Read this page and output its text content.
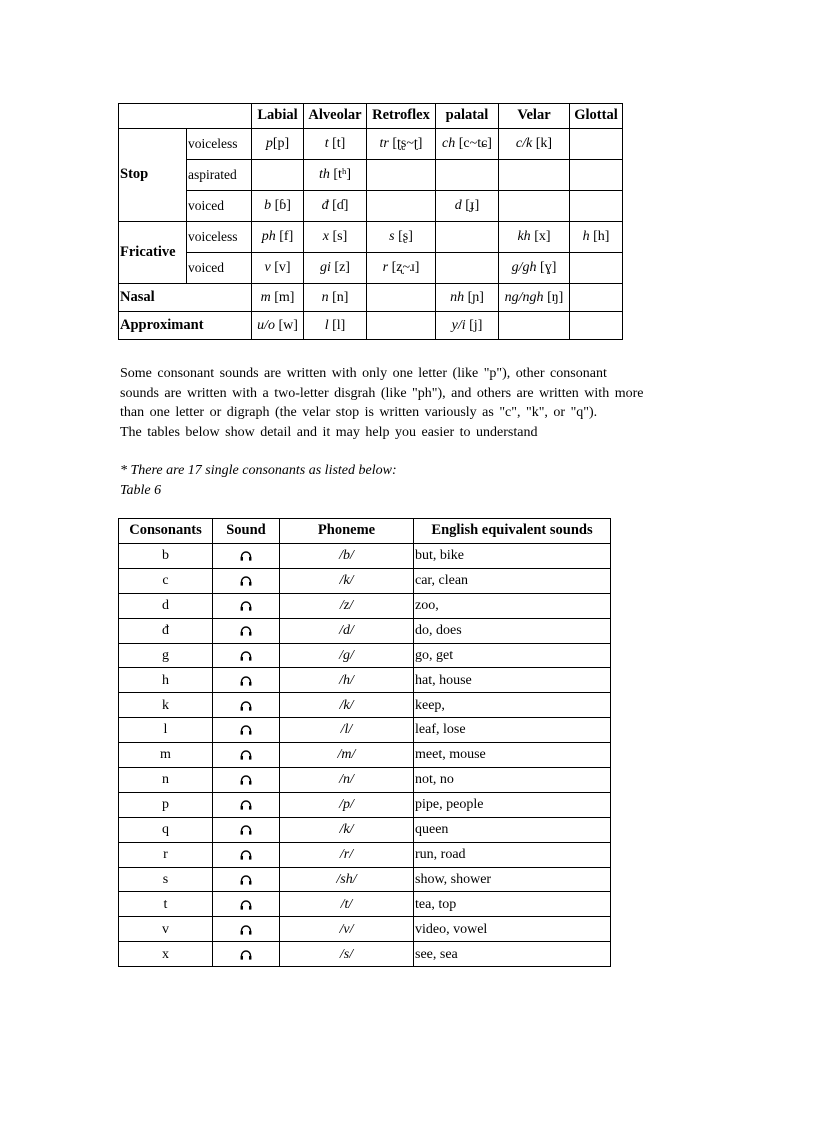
		Labial	Alveolar	Retroflex	palatal	Velar	Glottal
Stop	voiceless	p[p]	t [t]	tr [ʈʂ~ʈ]	ch [c~tɕ]	c/k [k]	
	aspirated		th [tʰ]				
	voiced	b [ɓ]	đ [ɗ]		d [ɟ]		
Fricative	voiceless	ph [f]	x [s]	s [ʂ]		kh [x]	h [h]
	voiced	v [v]	gi [z]	r [ʐ~ɹ]		g/gh [ɣ]	
Nasal		m [m]	n [n]		nh [ɲ]	ng/ngh [ŋ]	
Approximant		u/o [w]	l [l]		y/i [j]		

Some consonant sounds are written with only one letter (like "p"), other consonant
sounds are written with a two-letter disgrah (like "ph"), and others are written with more
than one letter or digraph (the velar stop is written variously as "c", "k", or "q").
The tables below show detail and it may help you easier to understand

* There are 17 single consonants as listed below:
Table 6

Consonants	Sound	Phoneme	English equivalent sounds
b		/b/	but, bike
c		/k/	car, clean
d		/z/	zoo,
đ		/d/	do, does
g		/g/	go, get
h		/h/	hat, house
k		/k/	keep,
l		/l/	leaf, lose
m		/m/	meet, mouse
n		/n/	not, no
p		/p/	pipe, people
q		/k/	queen
r		/r/	run, road
s		/sh/	show, shower
t		/t/	tea, top
v		/v/	video, vowel
x		/s/	see, sea
